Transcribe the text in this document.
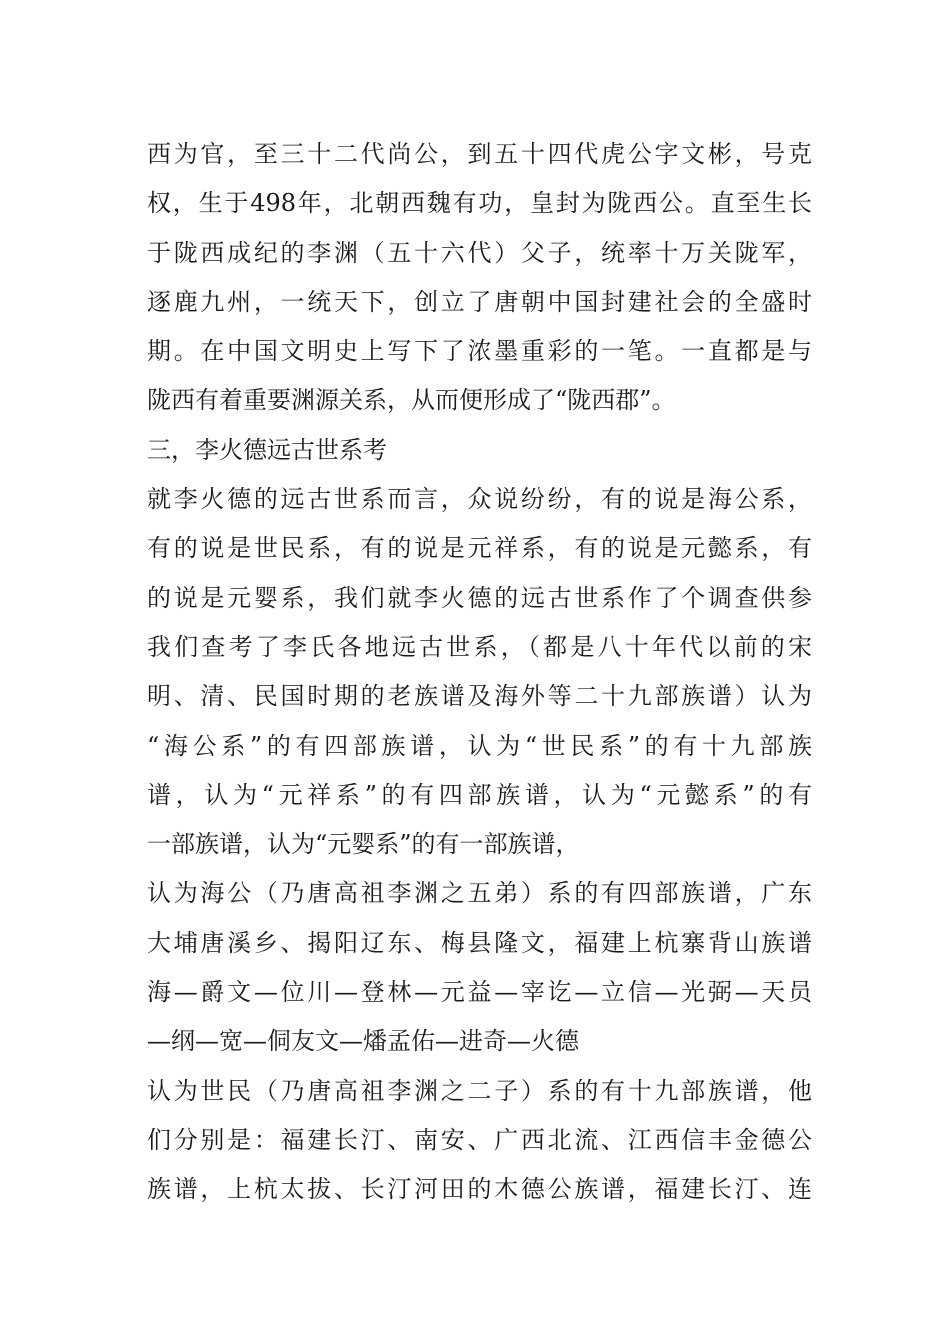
西为官，至三十二代尚公，到五十四代虎公字文彬，号克
权，生于498年，北朝西魏有功，皇封为陇西公。直至生长
于陇西成纪的李渊（五十六代）父子，统率十万关陇军，
逐鹿九州，一统天下，创立了唐朝中国封建社会的全盛时
期。在中国文明史上写下了浓墨重彩的一笔。一直都是与
陇西有着重要渊源关系，从而便形成了“陇西郡”。
三，李火德远古世系考
就李火德的远古世系而言，众说纷纷，有的说是海公系，
有的说是世民系，有的说是元祥系，有的说是元懿系，有
的说是元婴系，我们就李火德的远古世系作了个调查供参
我们查考了李氏各地远古世系，（都是八十年代以前的宋
明、清、民国时期的老族谱及海外等二十九部族谱）认为
“海公系”的有四部族谱，认为“世民系”的有十九部族
谱，认为“元祥系”的有四部族谱，认为“元懿系”的有
一部族谱，认为“元婴系”的有一部族谱，
认为海公（乃唐高祖李渊之五弟）系的有四部族谱，广东
大埔唐溪乡、揭阳辽东、梅县隆文，福建上杭寨背山族谱
海—爵文—位川—登林—元益—宰讫—立信—光弼—天员
—纲—宽—侗友文—燔孟佑—进奇—火德
认为世民（乃唐高祖李渊之二子）系的有十九部族谱，他
们分别是：福建长汀、南安、广西北流、江西信丰金德公
族谱，上杭太拔、长汀河田的木德公族谱，福建长汀、连
